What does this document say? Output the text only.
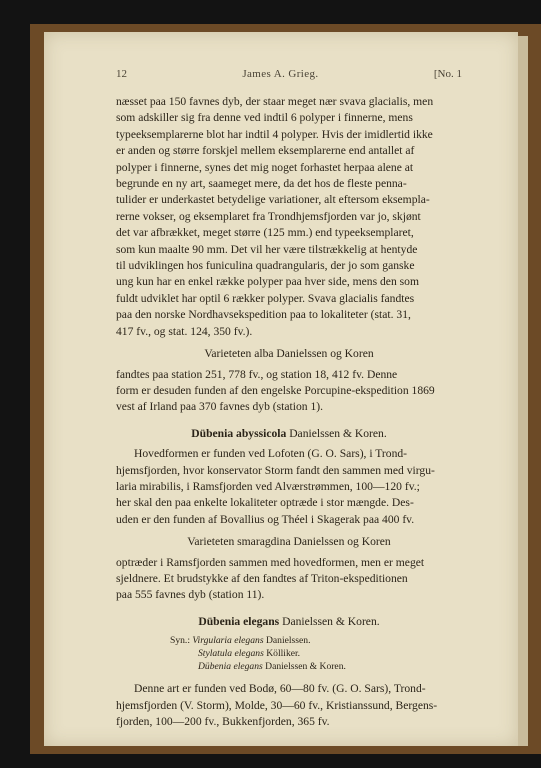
12	James A. Grieg.	[No. 1

næsset paa 150 favnes dyb, der staar meget nær svava glacialis, men
som adskiller sig fra denne ved indtil 6 polyper i finnerne, mens
typeeksemplarerne blot har indtil 4 polyper. Hvis der imidlertid ikke
er anden og større forskjel mellem eksemplarerne end antallet af
polyper i finnerne, synes det mig noget forhastet herpaa alene at
begrunde en ny art, saameget mere, da det hos de fleste penna-
tulider er underkastet betydelige variationer, alt eftersom eksempla-
rerne vokser, og eksemplaret fra Trondhjemsfjorden var jo, skjønt
det var afbrækket, meget større (125 mm.) end typeeksemplaret,
som kun maalte 90 mm. Det vil her være tilstrækkelig at hentyde
til udviklingen hos funiculina quadrangularis, der jo som ganske
ung kun har en enkel række polyper paa hver side, mens den som
fuldt udviklet har optil 6 rækker polyper. Svava glacialis fandtes
paa den norske Nordhavsekspedition paa to lokaliteter (stat. 31,
417 fv., og stat. 124, 350 fv.).

Varieteten alba Danielssen og Koren

fandtes paa station 251, 778 fv., og station 18, 412 fv. Denne
form er desuden funden af den engelske Porcupine-ekspedition 1869
vest af Irland paa 370 favnes dyb (station 1).

Dübenia abyssicola Danielssen & Koren.

Hovedformen er funden ved Lofoten (G. O. Sars), i Trond-
hjemsfjorden, hvor konservator Storm fandt den sammen med virgu-
laria mirabilis, i Ramsfjorden ved Alværstrømmen, 100—120 fv.;
her skal den paa enkelte lokaliteter optræde i stor mængde. Des-
uden er den funden af Bovallius og Théel i Skagerak paa 400 fv.

Varieteten smaragdina Danielssen og Koren

optræder i Ramsfjorden sammen med hovedformen, men er meget
sjeldnere. Et brudstykke af den fandtes af Triton-ekspeditionen
paa 555 favnes dyb (station 11).

Dübenia elegans Danielssen & Koren.
Syn.: Virgularia elegans Danielssen.
Stylatula elegans Kölliker.
Dübenia elegans Danielssen & Koren.

Denne art er funden ved Bodø, 60—80 fv. (G. O. Sars), Trond-
hjemsfjorden (V. Storm), Molde, 30—60 fv., Kristianssund, Bergens-
fjorden, 100—200 fv., Bukkenfjorden, 365 fv.
